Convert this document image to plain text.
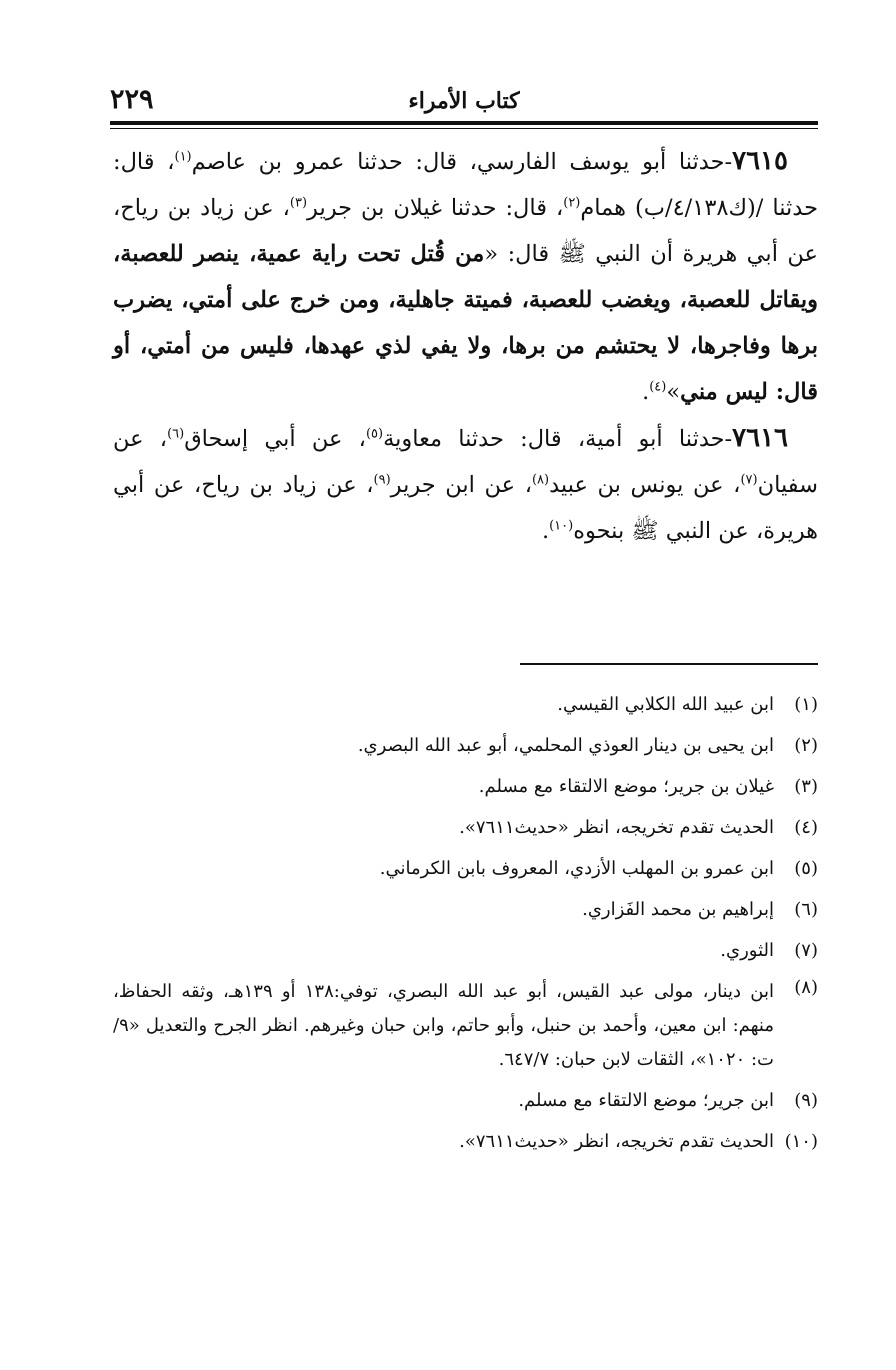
كتاب الأمراء
٢٢٩

٧٦١٥-حدثنا أبو يوسف الفارسي، قال: حدثنا عمرو بن عاصم$^{(١)}$، قال: حدثنا /(ك٤/١٣٨/ب) همام$^{(٢)}$، قال: حدثنا غيلان بن جرير$^{(٣)}$، عن زياد بن رياح، عن أبي هريرة أن النبي ﷺ قال: «من قُتل تحت راية عمية، ينصر للعصبة، ويقاتل للعصبة، ويغضب للعصبة، فميتة جاهلية، ومن خرج على أمتي، يضرب برها وفاجرها، لا يحتشم من برها، ولا يفي لذي عهدها، فليس من أمتي، أو قال: ليس مني»$^{(٤)}$.

٧٦١٦-حدثنا أبو أمية، قال: حدثنا معاوية$^{(٥)}$، عن أبي إسحاق$^{(٦)}$، عن سفيان$^{(٧)}$، عن يونس بن عبيد$^{(٨)}$، عن ابن جرير$^{(٩)}$، عن زياد بن رياح، عن أبي هريرة، عن النبي ﷺ بنحوه$^{(١٠)}$.

(١)
ابن عبيد الله الكلابي القيسي.
(٢)
ابن يحيى بن دينار العوذي المحلمي، أبو عبد الله البصري.
(٣)
غيلان بن جرير؛ موضع الالتقاء مع مسلم.
(٤)
الحديث تقدم تخريجه، انظر «حديث٧٦١١».
(٥)
ابن عمرو بن المهلب الأزدي، المعروف بابن الكرماني.
(٦)
إبراهيم بن محمد الفَزاري.
(٧)
الثوري.
(٨)
ابن دينار، مولى عبد القيس، أبو عبد الله البصري، توفي:١٣٨ أو ١٣٩هـ، وثقه الحفاظ، منهم: ابن معين، وأحمد بن حنبل، وأبو حاتم، وابن حبان وغيرهم. انظر الجرح والتعديل «٩/ت: ١٠٢٠»، الثقات لابن حبان: ٦٤٧/٧.
(٩)
ابن جرير؛ موضع الالتقاء مع مسلم.
(١٠)
الحديث تقدم تخريجه، انظر «حديث٧٦١١».
